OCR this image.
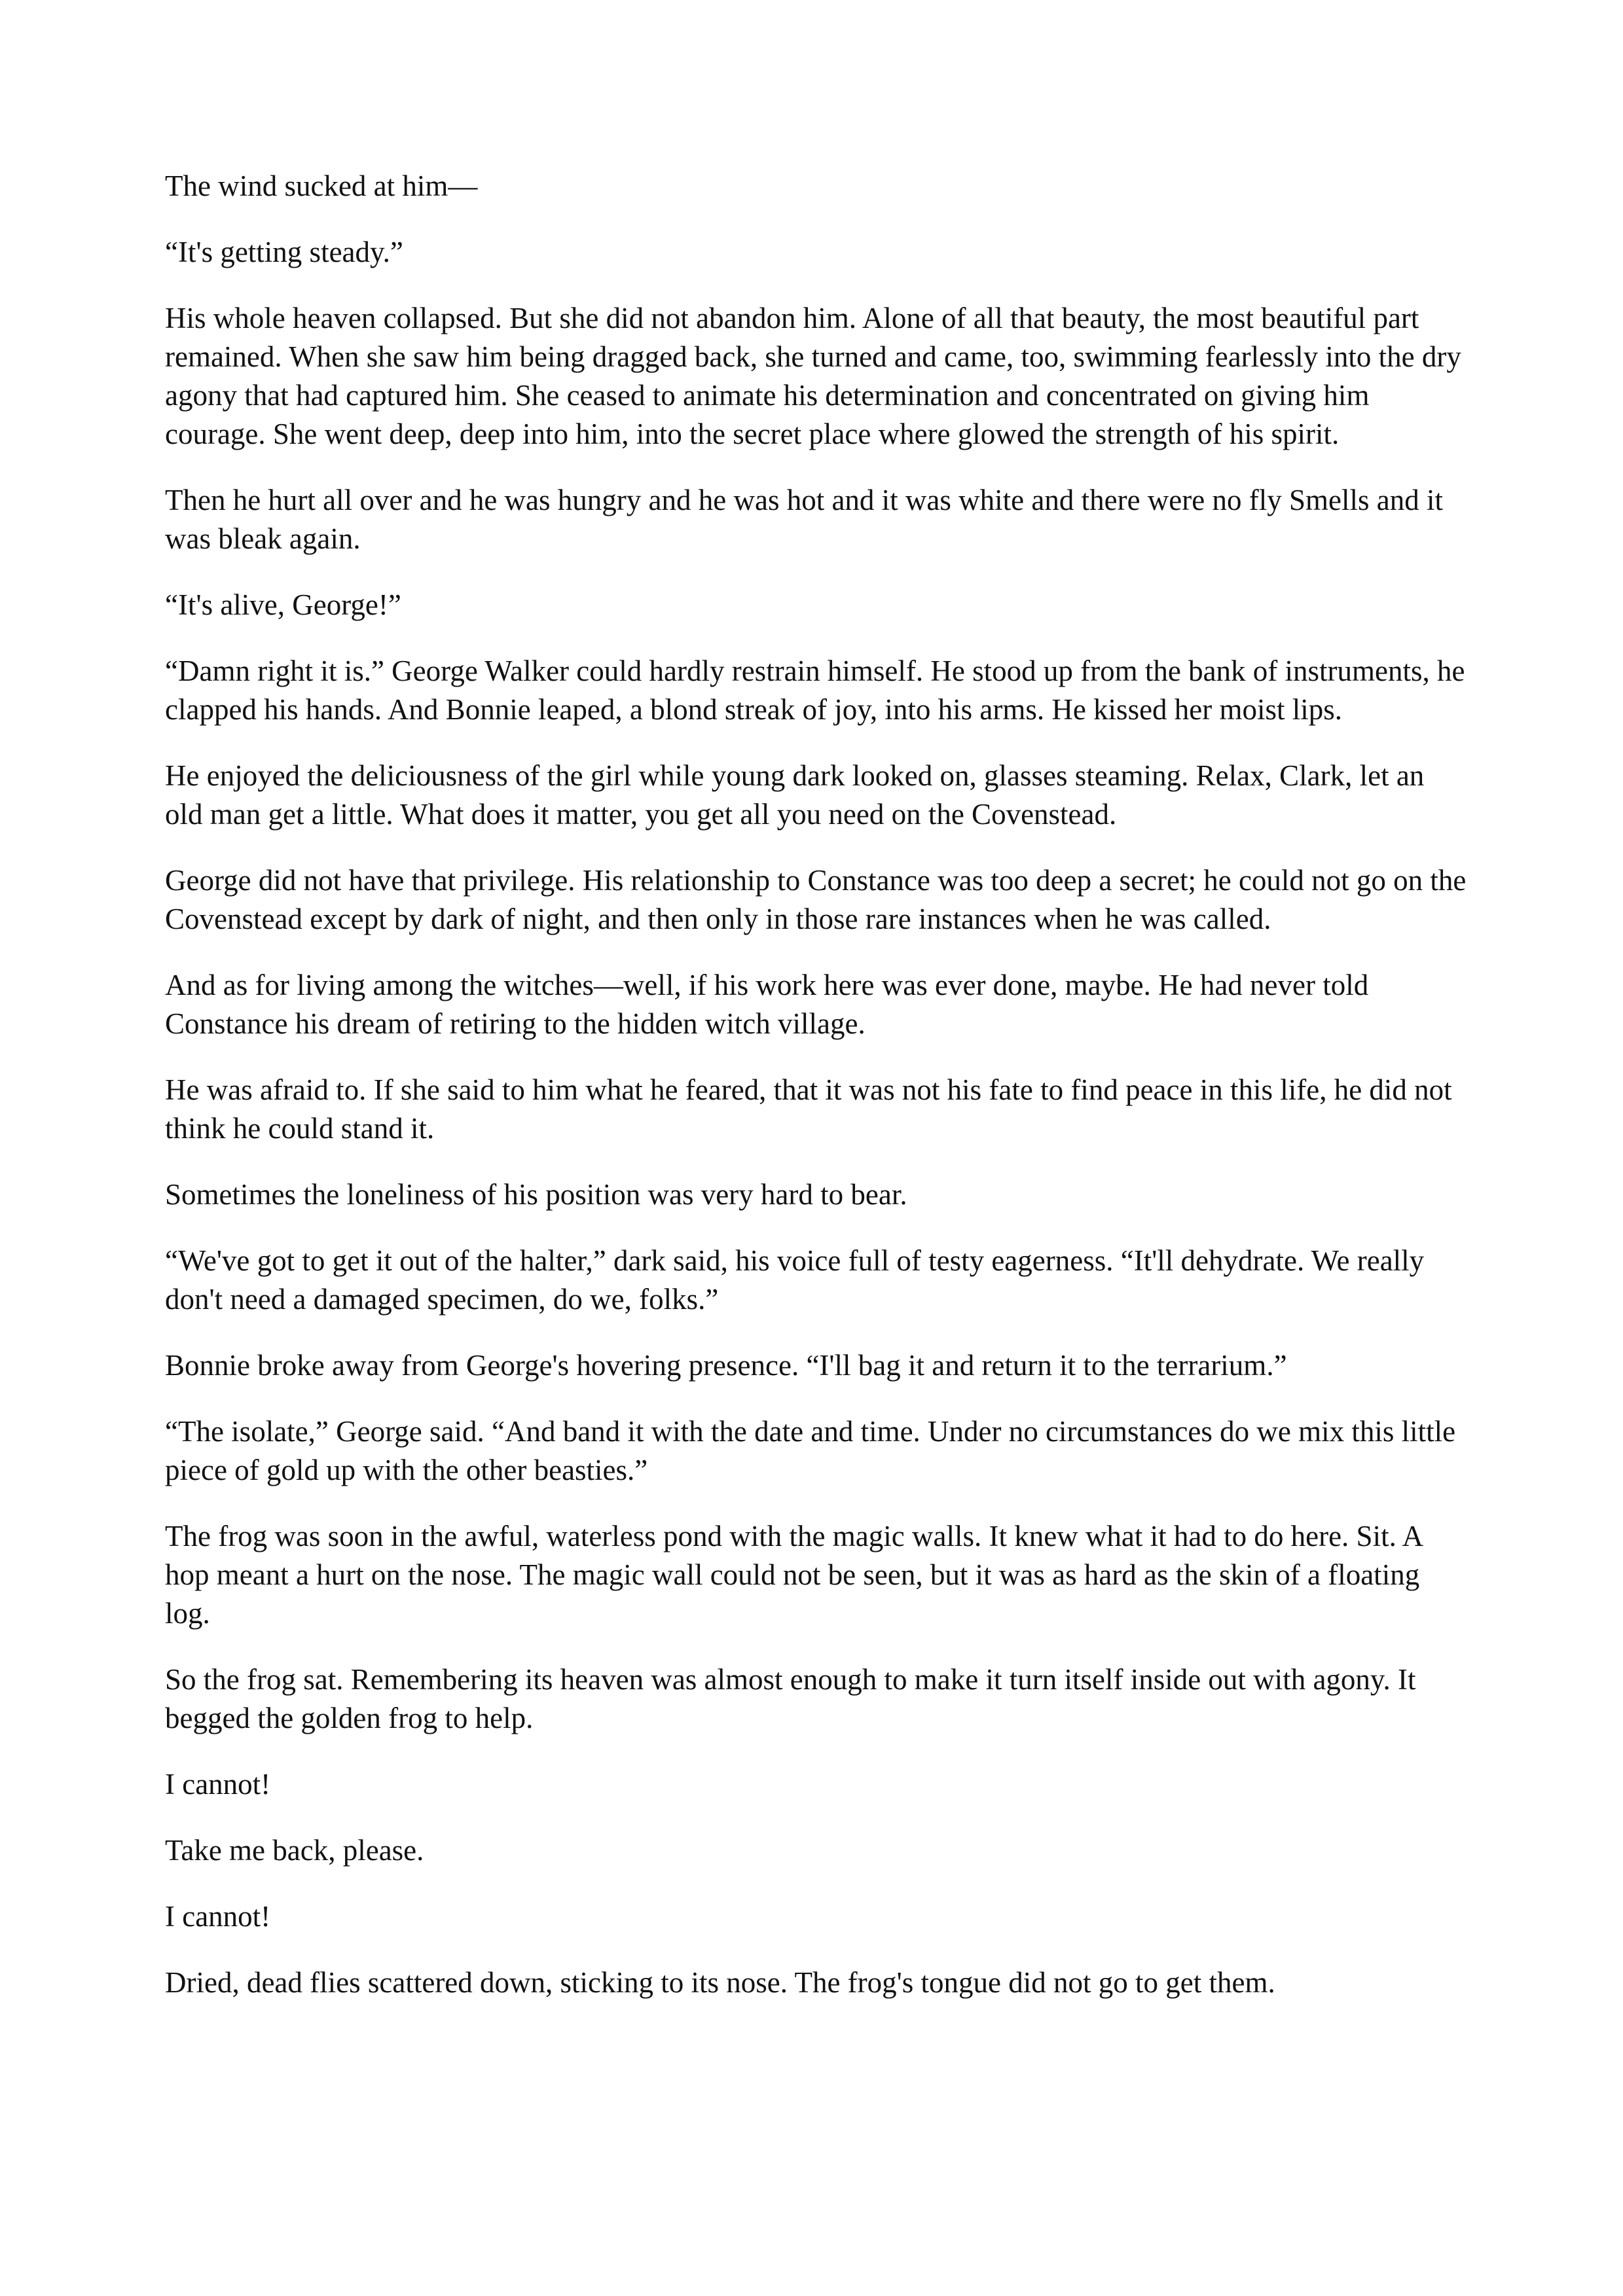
The wind sucked at him—

“It's getting steady.”

His whole heaven collapsed. But she did not abandon him. Alone of all that beauty, the most beautiful part remained. When she saw him being dragged back, she turned and came, too, swimming fearlessly into the dry agony that had captured him. She ceased to animate his determination and concentrated on giving him courage. She went deep, deep into him, into the secret place where glowed the strength of his spirit.

Then he hurt all over and he was hungry and he was hot and it was white and there were no fly Smells and it was bleak again.

“It's alive, George!”

“Damn right it is.” George Walker could hardly restrain himself. He stood up from the bank of instruments, he clapped his hands. And Bonnie leaped, a blond streak of joy, into his arms. He kissed her moist lips.

He enjoyed the deliciousness of the girl while young dark looked on, glasses steaming. Relax, Clark, let an old man get a little. What does it matter, you get all you need on the Covenstead.

George did not have that privilege. His relationship to Constance was too deep a secret; he could not go on the Covenstead except by dark of night, and then only in those rare instances when he was called.

And as for living among the witches—well, if his work here was ever done, maybe. He had never told Constance his dream of retiring to the hidden witch village.

He was afraid to. If she said to him what he feared, that it was not his fate to find peace in this life, he did not think he could stand it.

Sometimes the loneliness of his position was very hard to bear.

“We've got to get it out of the halter,” dark said, his voice full of testy eagerness. “It'll dehydrate. We really don't need a damaged specimen, do we, folks.”

Bonnie broke away from George's hovering presence. “I'll bag it and return it to the terrarium.”

“The isolate,” George said. “And band it with the date and time. Under no circumstances do we mix this little piece of gold up with the other beasties.”

The frog was soon in the awful, waterless pond with the magic walls. It knew what it had to do here. Sit. A hop meant a hurt on the nose. The magic wall could not be seen, but it was as hard as the skin of a floating log.

So the frog sat. Remembering its heaven was almost enough to make it turn itself inside out with agony. It begged the golden frog to help.

I cannot!

Take me back, please.

I cannot!

Dried, dead flies scattered down, sticking to its nose. The frog's tongue did not go to get them.
